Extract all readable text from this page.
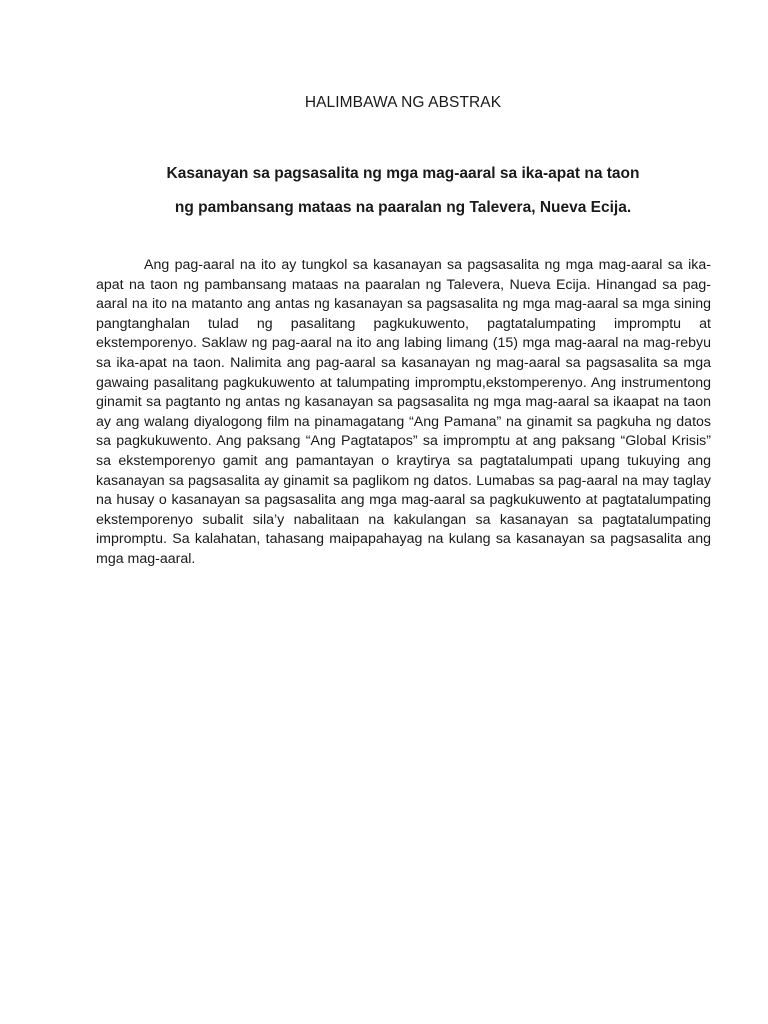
HALIMBAWA NG ABSTRAK
Kasanayan sa pagsasalita ng mga mag-aaral sa ika-apat na taon
ng pambansang mataas na paaralan ng Talevera, Nueva Ecija.

Ang pag-aaral na ito ay tungkol sa kasanayan sa pagsasalita ng mga mag-aaral sa ika-apat na taon ng pambansang mataas na paaralan ng Talevera, Nueva Ecija. Hinangad sa pag-aaral na ito na matanto ang antas ng kasanayan sa pagsasalita ng mga mag-aaral sa mga sining pangtanghalan tulad ng pasalitang pagkukuwento, pagtatalumpating impromptu at ekstemporenyo. Saklaw ng pag-aaral na ito ang labing limang (15) mga mag-aaral na mag-rebyu sa ika-apat na taon. Nalimita ang pag-aaral sa kasanayan ng mag-aaral sa pagsasalita sa mga gawaing pasalitang pagkukuwento at talumpating impromptu,ekstomperenyo. Ang instrumentong ginamit sa pagtanto ng antas ng kasanayan sa pagsasalita ng mga mag-aaral sa ikaapat na taon ay ang walang diyalogong film na pinamagatang “Ang Pamana” na ginamit sa pagkuha ng datos sa pagkukuwento. Ang paksang “Ang Pagtatapos” sa impromptu at ang paksang “Global Krisis” sa ekstemporenyo gamit ang pamantayan o kraytirya sa pagtatalumpati upang tukuying ang kasanayan sa pagsasalita ay ginamit sa paglikom ng datos. Lumabas sa pag-aaral na may taglay na husay o kasanayan sa pagsasalita ang mga mag-aaral sa pagkukuwento at pagtatalumpating ekstemporenyo subalit sila’y nabalitaan na kakulangan sa kasanayan sa pagtatalumpating impromptu. Sa kalahatan, tahasang maipapahayag na kulang sa kasanayan sa pagsasalita ang mga mag-aaral.
